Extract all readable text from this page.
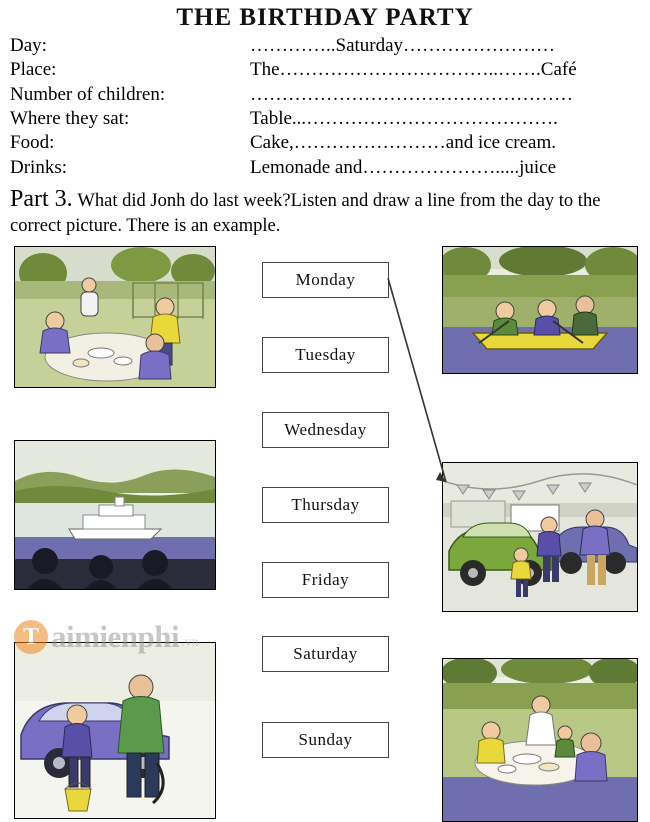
THE BIRTHDAY PARTY
Day:	…………..Saturday……………………
Place:	The……………………………..…….Café
Number of children:	……………………………………………
Where they sat:	Table...………………………………….
Food:	Cake,……………………and ice cream.
Drinks:	Lemonade and………………….....juice
Part 3. What did Jonh do last week?Listen and draw a line from the day to the correct picture. There is an example.
Monday
Tuesday
Wednesday
Thursday
Friday
Saturday
Sunday
T aimienphi .vn
